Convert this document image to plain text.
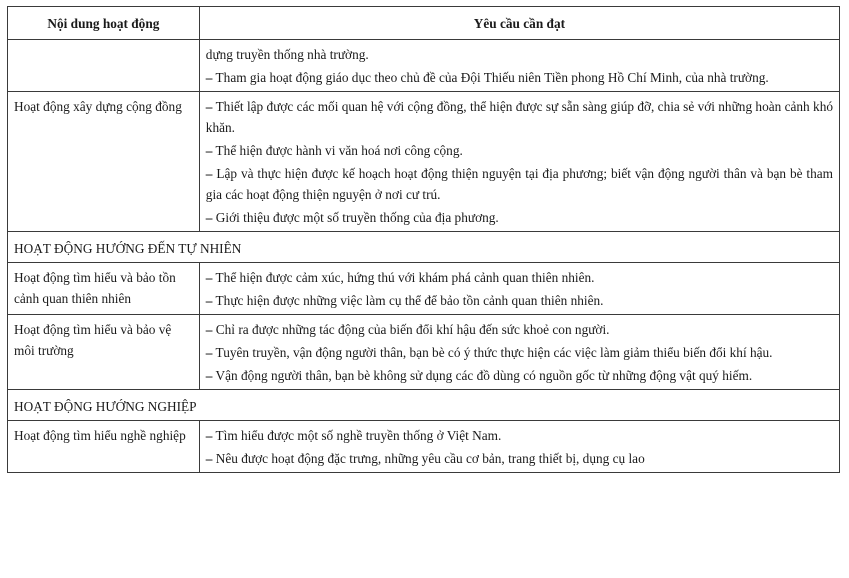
Nội dung hoạt động	Yêu cầu cần đạt

	dựng truyền thống nhà trường.
– Tham gia hoạt động giáo dục theo chủ đề của Đội Thiếu niên Tiền phong Hồ Chí Minh, của nhà trường.

Hoạt động xây dựng cộng đồng	– Thiết lập được các mối quan hệ với cộng đồng, thể hiện được sự sẵn sàng giúp đỡ, chia sẻ với những hoàn cảnh khó khăn.
– Thể hiện được hành vi văn hoá nơi công cộng.
– Lập và thực hiện được kế hoạch hoạt động thiện nguyện tại địa phương; biết vận động người thân và bạn bè tham gia các hoạt động thiện nguyện ở nơi cư trú.
– Giới thiệu được một số truyền thống của địa phương.

HOẠT ĐỘNG HƯỚNG ĐẾN TỰ NHIÊN	
Hoạt động tìm hiểu và bảo tồn cảnh quan thiên nhiên	– Thể hiện được cảm xúc, hứng thú với khám phá cảnh quan thiên nhiên.
– Thực hiện được những việc làm cụ thể để bảo tồn cảnh quan thiên nhiên.

Hoạt động tìm hiểu và bảo vệ môi trường	– Chỉ ra được những tác động của biến đổi khí hậu đến sức khoẻ con người.
– Tuyên truyền, vận động người thân, bạn bè có ý thức thực hiện các việc làm giảm thiểu biến đổi khí hậu.
– Vận động người thân, bạn bè không sử dụng các đồ dùng có nguồn gốc từ những động vật quý hiếm.

HOẠT ĐỘNG HƯỚNG NGHIỆP	
Hoạt động tìm hiểu nghề nghiệp	– Tìm hiểu được một số nghề truyền thống ở Việt Nam.
– Nêu được hoạt động đặc trưng, những yêu cầu cơ bản, trang thiết bị, dụng cụ lao
